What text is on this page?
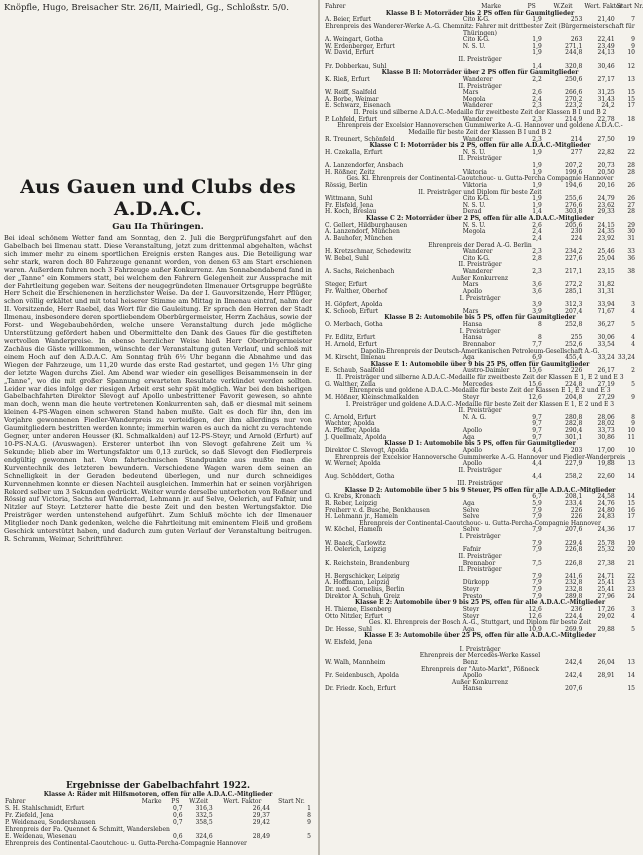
Knöpfle, Hugo, Breisacher Str. 26/II, Mairiedl, Gg., Schloßstr. 5/0.
Aus Gauen und Clubs des A.D.A.C.
Gau IIa Thüringen.

Bei ideal schönem Wetter fand am Sonntag, den 2. Juli die Bergprüfungsfahrt auf den Gabelbach bei Ilmenau statt. Diese Veranstaltung, jetzt zum drittenmal abgehalten, wächst sich immer mehr zu einem sportlichen Ereignis ersten Ranges aus. Die Beteiligung war sehr stark, waren doch 80 Fahrzeuge genannt worden, von denen 63 am Start erschienen waren. Außerdem fuhren noch 3 Fahrzeuge außer Konkurrenz. Am Sonnabendabend fand in der „Tanne“ ein Kommers statt, bei welchem den Fahrern Gelegenheit zur Aussprache mit der Fahrtleitung gegeben war. Seitens der neugegründeten Ilmenauer Ortsgruppe begrüßte Herr Scheit die Erschienenen in herzlichster Weise. Da der I. Gauvorsitzende, Herr Pflüger, schon völlig erkältet und mit total heiserer Stimme am Mittag in Ilmenau eintraf, nahm der II. Vorsitzende, Herr Raebel, das Wort für die Gauleitung. Er sprach den Herren der Stadt Ilmenau, insbesondere deren sportliebendem Oberbürgermeister, Herrn Zachäus, sowie der Forst- und Wegebaubehörden, welche unsere Veranstaltung durch jede mögliche Unterstützung gefördert haben und Obermittelte den Dank des Gaues für die gestifteten wertvollen Wanderpreise. In ebenso herzlicher Weise hieß Herr Oberbürgermeister Zachäus die Gäste willkommen, wünschte der Veranstaltung guten Verlauf, und schloß mit einem Hoch auf den A.D.A.C. Am Sonntag früh 6½ Uhr begann die Abnahme und das Wiegen der Fahrzeuge, um 11,20 wurde das erste Rad gestartet, und gegen 1½ Uhr ging der letzte Wagen durchs Ziel. Am Abend war wieder ein geselliges Beisammensein in der „Tanne“, wo die mit großer Spannung erwarteten Resultate verkündet werden sollten. Leider war dies infolge der riesigen Arbeit erst sehr spät möglich. War bei den bisherigen Gabelbachfahrten Direktor Slevogt auf Apollo unbestrittener Favorit gewesen, so ahnte man doch, wenn man die heute vertretenen Konkurrenten sah, daß er diesmal mit seinem kleinen 4-PS-Wagen einen schweren Stand haben mußte. Galt es doch für ihn, den im Vorjahre gewonnenen Fiedler-Wanderpreis zu verteidigen, der ihm allerdings nur von Gaumitgliedern bestritten werden konnte; immerhin waren es auch da nicht zu verachtende Gegner, unter anderen Heusser (Kl. Schmalkalden) auf 12-PS-Steyr, und Arnold (Erfurt) auf 10-PS-N.A.G. (Avuswagen). Ersterer unterbot ihn von Slevogt gefahrene Zeit um ¾ Sekunde; blieb aber im Wertungsfaktor um 0,13 zurück, so daß Slevogt den Fiedlerpreis endgültig gewonnen hat. Vom fahrtechnischen Standpunkte aus mußte man die Kurventechnik des letzteren bewundern. Verschiedene Wagen waren dem seinen an Schnelligkeit in der Geraden bedeutend überlegen, und nur durch schneidiges Kurvennehmen konnte er diesen Nachteil ausgleichen. Immerhin hat er seinen vorjährigen Rekord selber um 3 Sekunden gedrückt. Weiter wurde derselbe unterboten von Roßner und Rössig auf Victoria, Sachs auf Wanderrad, Lehmann jr. auf Selve, Oelerich, auf Fafnir, und Nitzler auf Steyr. Letzterer hatte die beste Zeit und den besten Wertungsfaktor. Die Preisträger werden untenstehend aufgeführt. Zum Schluß möchte ich der Ilmenauer Mitglieder noch Dank gedenken, welche die Fahrtleitung mit eminentem Fleiß und großem Geschick unterstützt haben, und dadurch zum guten Verlauf der Veranstaltung beitrugen. R. Schramm, Weimar, Schriftführer.

Ergebnisse der Gabelbachfahrt 1922.
Klasse A: Räder mit Hilfsmotoren, offen für alle A.D.A.C.-Mitglieder					
Fahrer	Marke	PS	W.Zeit	Wert. Faktor	Start Nr.
S. H. Stahlschmidt, Erfurt		0,7	316,3	26,44	1
Fr. Ziefeld, Jena		0,6	332,5	29,37	8
P. Weidenaeu, Sondershausen		0,7	358,5	29,42	9
Ehrenpreis der Fa. Quennet & Schmitt, Wandersleben					
E. Weidenau, Wiesenau		0,6	324,6	28,49	5
Ehrenpreis des Continental-Caoutchouc- u. Gutta-Percha-Compagnie Hannover					
Fahrer	Marke	PS	W.Zeit	Wert. Faktor	Start Nr.
Klasse B I: Motorräder bis 2 PS offen für Gaumitglieder					
A. Beier, Erfurt	Cito K-G.	1,9	253	21,40	7
Ehrenpreis des Wanderer-Werke A.-G. Chemnitz: Fahrer mit drittbester Zeit (Bürgermeisterschaft für Thüringen)					
A. Weingart, Gotha	Cito K-G.	1,9	263	22,41	9
W. Erdenberger, Erfurt	N. S. U.	1,9	271,1	23,49	9
W. David, Erfurt		1,9	244,8	24,13	10
II. Preisträger					
Fr. Dobberkau, Suhl		1,4	320,8	30,46	12
Klasse B II: Motorräder über 2 PS offen für Gaumitglieder					
K. Rieß, Erfurt	Wanderer	2,2	250,6	27,17	13
II. Preisträger					
W. Reiff, Saalfeld	Mars	2,6	266,6	31,25	15
A. Borbe, Weimar	Megola	2,4	270,2	31,43	15
E. Schwarz, Eisenach	Wanderer	2,3	223,2	24,2	17
II. Preis und silberne A.D.A.C.-Medaille für zweitbeste Zeit der Klassen B I und B 2					
P. Lohfeld, Erfurt	Wanderer	2,3	214,9	22,78	18
Ehrenpreis der Excelsior Hannoverschen Gummiwerke A.-G. Hannover und goldene A.D.A.C.-Medaille für beste Zeit der Klassen B I und B 2					
R. Treunert, Schönfeld	Wanderer	2,3	214	27,50	19
Klasse C I: Motorräder bis 2 PS, offen für alle A.D.A.C.-Mitglieder					
H. Czekalla, Erfurt	N. S. U.	1,9	277	22,82	22
II. Preisträger					
A. Lanzendorfer, Ansbach		1,9	207,2	20,73	28
H. Rößner, Zeitz	Viktoria	1,9	199,6	20,50	28
Ges. Kl. Ehrenpreis der Continental-Caoutchouc- u. Gutta-Percha Compagnie Hannover					
Rössig, Berlin	Viktoria	1,9	194,6	20,16	26
II. Preisträger und Diplom für beste Zeit					
Wittmann, Suhl	Cito K-G.	1,9	255,6	24,79	26
Fr. Elsfeld, Jena	N. S. U.	1,9	276,6	23,62	27
H. Koch, Breslau	Derad	1,4	303,8	29,33	28
Klasse C 2: Motorräder über 2 PS, offen für alle A.D.A.C.-Mitglieder					
C. Gellert, Hildburghausen	N. S. U.	2,6	205,6	24,15	29
A. Lanzendorf, München	Megola	2,4	230	24,35	30
A. Bauhofer, München		2,4	224	23,92	31
Ehrenpreis der Derad A.-G. Berlin					
H. Kretzschmar, Schedewitz	Wanderer	2,3	234,2	25,46	33
W. Bebel, Suhl	Cito K-G.	2,8	227,6	25,04	36
II. Preisträger					
A. Sachs, Reichenbach	Wanderer	2,3	217,1	23,15	38
Außer Konkurrenz					
Steger, Erfurt	Mars	3,6	272,2	31,82	
Fr. Walther, Oberhof	Apollo	3,6	285,1	31,31	
I. Preisträger					
H. Göpfert, Apolda		3,9	312,3	33,94	3
K. Schoob, Erfurt	Mars	3,9	207,4	71,67	4
Klasse B 2: Automobile bis 5 PS, offen für Gaumitglieder					
O. Merbach, Gotha	Hansa	8	252,8	36,27	5
I. Preisträger					
Fr. Edlitz, Erfurt	Hansa	8	255	30,06	4
H. Arnold, Erfurt	Brennabor	7,7	252,6	33,54	4
Dapolin-Ehrenpreis der Deutsch-Amerikanischen Petroleum-Gesellschaft A.-G.					
M. Kirscht, Ilmenau	Aga	6,9	455,4	33,24	33,24
Klasse E 1: Automobile über 9 bis 25 PS, offen für Gaumitglieder					
E. Schaub, Saalfeld	Austro-Daimler	15,6	226	26,17	2
II. Preisträger und silberne A.D.A.C.-Medaille für zweitbeste Zeit der Klassen E 1, E 2 und E 3					
G. Walther, Zella	Mercedes	15,6	224,8	27,19	5
Ehrenpreis und goldene A.D.A.C.-Medaille für beste Zeit der Klassen E 1, E 2 und E 3					
M. Hößner, Kleinschmalkalden	Steyr	12,6	204,8	27,29	9
I. Preisträger und goldene A.D.A.C.-Medaille für beste Zeit der Klassen E 1, E 2 und E 3					
II. Preisträger					
C. Arnold, Erfurt	N. A. G.	9,7	280,8	28,06	8
Wachter, Apolda		9,7	282,8	28,02	9
A. Pfeiffer, Apolda	Apollo	9,7	290,4	33,73	10
J. Quellmalz, Apolda	Aga	9,7	301,1	30,86	11
Klasse D 1: Automobile bis 5 PS, offen für Gaumitglieder					
Direktor C. Slevogt, Apolda	Apollo	4,4	203	17,00	10
Ehrenpreis der Excelsior Hannoversche Gummiwerke A.-G. Hannover und Fiedler-Wanderpreis					
W. Werner, Apolda	Apollo	4,4	227,9	19,88	13
II. Preisträger					
Aug. Schöddert, Gotha		4,4	258,2	22,60	14
III. Preisträger					
Klasse D 2: Automobile über 5 bis 9 Steuer, PS offen für alle A.D.A.C.-Mitglieder					
G. Krebs, Kronach		6,7	208,1	24,58	14
R. Reber, Leipzig	Aga	5,9	233,4	24,76	15
Freiherr v. d. Busche, Benkhausen	Selve	7,9	226	24,80	16
H. Lehmann jr., Hameln	Selve	7,9	226	24,83	17
Ehrenpreis der Continental-Caoutchouc- u. Gutta-Percha-Compagnie Hannover					
W. Köchel, Hameln	Selve	7,9	207,6	24,36	17
I. Preisträger					
W. Baack, Carlowitz		7,9	229,4	25,78	19
H. Oelerich, Leipzig	Fafnir	7,9	226,8	25,32	20
II. Preisträger					
K. Reichstein, Brandenburg	Brennabor	7,5	226,8	27,38	21
II. Preisträger					
H. Bergschicker, Leipzig		7,9	241,6	24,71	22
A. Hoffmann, Leipzig	Dürkopp	7,9	232,8	25,41	23
Dr. med. Cornelius, Berlin	Steyr	7,9	232,8	25,41	23
Direktor A. Schuh, Greiz	Presto	7,9	289,8	27,96	24
Klasse E 2: Automobile über 9 bis 25 PS, offen für alle A.D.A.C.-Mitglieder					
H. Thieme, Eisenberg	Steyr	12,6	236	17,26	3
Otto Nitzler, Erfurt	Steyr	12,6	224,4	29,02	4
Ges. Kl. Ehrenpreis der Bosch A.-G., Stuttgart, und Diplom für beste Zeit					
Dr. Hesse, Suhl	Aga	10,9	269,9	29,88	5
Klasse E 3: Automobile über 25 PS, offen für alle A.D.A.C.-Mitglieder					
W. Elsfeld, Jena					
I. Preisträger					
Ehrenpreis der Mercedes-Werke Kassel					
W. Walh, Mannheim	Benz		242,4	26,04	13
Ehrenpreis der "Auto-Markt", Pößneck					
Fr. Seidenbusch, Apolda	Apollo		242,4	28,91	14
Außer Konkurrenz					
Dr. Friedr. Koch, Erfurt	Hansa		207,6		15
